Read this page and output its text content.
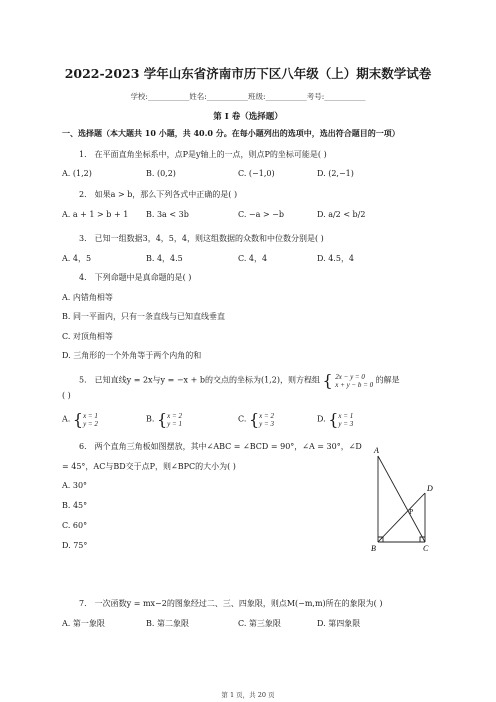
2022-2023 学年山东省济南市历下区八年级（上）期末数学试卷
学校:___________姓名:___________班级:___________考号:___________
第 I 卷（选择题）
一、选择题（本大题共 10 小题，共 40.0 分。在每小题列出的选项中，选出符合题目的一项）
1． 在平面直角坐标系中，点P是y轴上的一点，则点P的坐标可能是( )
A. (1,2)	B. (0,2)	C. (−1,0)	D. (2,−1)
2． 如果a > b，那么下列各式中正确的是( )
A. a + 1 > b + 1 B. 3a < 3b	C. −a > −b	D. a/2 < b/2
3． 已知一组数据3，4，5，4，则这组数据的众数和中位数分别是( )
A. 4，5	B. 4，4.5	C. 4，4	D. 4.5，4
4． 下列命题中是真命题的是( )
A. 内错角相等
B. 同一平面内，只有一条直线与已知直线垂直
C. 对顶角相等
D. 三角形的一个外角等于两个内角的和
5． 已知直线y = 2x与y = −x + b的交点的坐标为(1,2)，则方程组 { 2x − y = 0
x + y − b = 0 的解是
( )
A. {x = 1
y = 2	B. {x = 2
y = 1	C. {x = 2
y = 3	D. {x = 1
y = 3
6． 两个直角三角板如图摆放，其中∠ABC = ∠BCD = 90°，∠A = 30°，∠D
= 45°，AC与BD交于点P，则∠BPC的大小为( )
A. 30°
B. 45°
C. 60°
D. 75°
A
B	C
D
P
7． 一次函数y = mx−2的图象经过二、三、四象限，则点M(−m,m)所在的象限为( )
A. 第一象限	B. 第二象限	C. 第三象限	D. 第四象限
第 1 页，共 20 页
